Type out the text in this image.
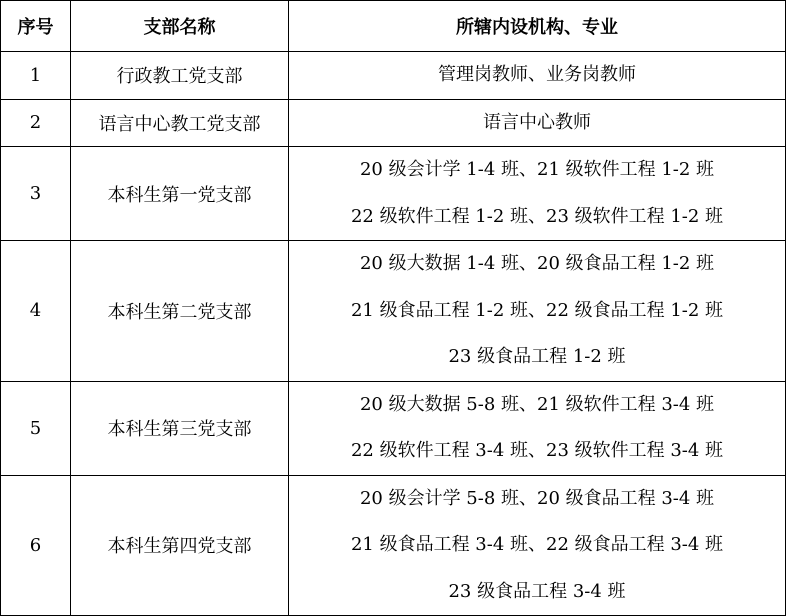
序号	支部名称	所辖内设机构、专业
1	行政教工党支部	管理岗教师、业务岗教师

2	语言中心教工党支部	语言中心教师

3	本科生第一党支部	20 级会计学 1-4 班、21 级软件工程 1-2 班
22 级软件工程 1-2 班、23 级软件工程 1-2 班

4	本科生第二党支部	20 级大数据 1-4 班、20 级食品工程 1-2 班
21 级食品工程 1-2 班、22 级食品工程 1-2 班
23 级食品工程 1-2 班

5	本科生第三党支部	20 级大数据 5-8 班、21 级软件工程 3-4 班
22 级软件工程 3-4 班、23 级软件工程 3-4 班

6	本科生第四党支部	20 级会计学 5-8 班、20 级食品工程 3-4 班
21 级食品工程 3-4 班、22 级食品工程 3-4 班
23 级食品工程 3-4 班
